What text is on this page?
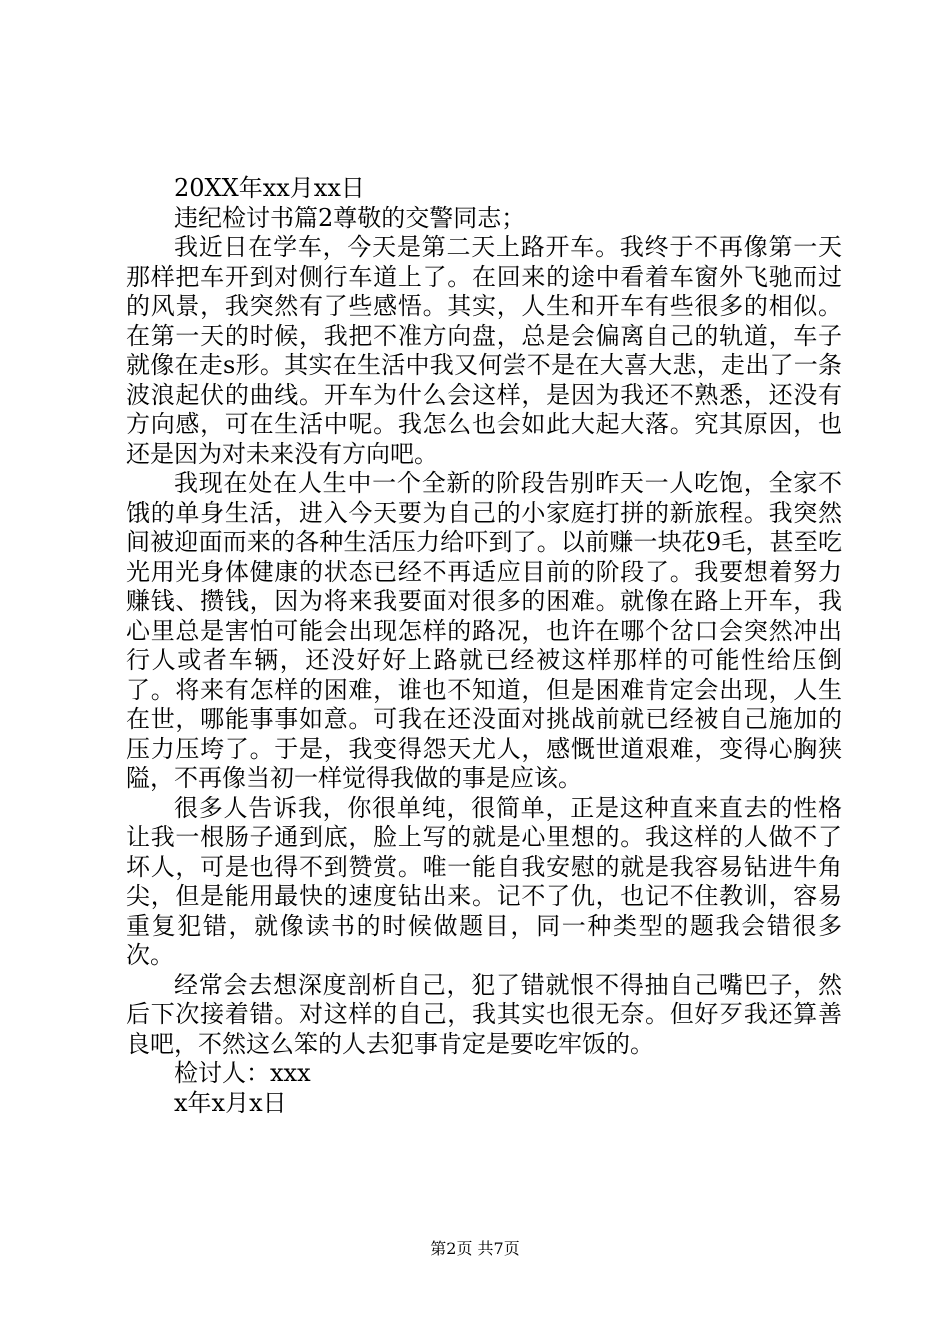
20XX年xx月xx日

违纪检讨书篇2尊敬的交警同志；

我近日在学车，今天是第二天上路开车。我终于不再像第一天那样把车开到对侧行车道上了。在回来的途中看着车窗外飞驰而过的风景，我突然有了些感悟。其实，人生和开车有些很多的相似。在第一天的时候，我把不准方向盘，总是会偏离自己的轨道，车子就像在走s形。其实在生活中我又何尝不是在大喜大悲，走出了一条波浪起伏的曲线。开车为什么会这样，是因为我还不熟悉，还没有方向感，可在生活中呢。我怎么也会如此大起大落。究其原因，也还是因为对未来没有方向吧。

我现在处在人生中一个全新的阶段告别昨天一人吃饱，全家不饿的单身生活，进入今天要为自己的小家庭打拼的新旅程。我突然间被迎面而来的各种生活压力给吓到了。以前赚一块花9毛，甚至吃光用光身体健康的状态已经不再适应目前的阶段了。我要想着努力赚钱、攒钱，因为将来我要面对很多的困难。就像在路上开车，我心里总是害怕可能会出现怎样的路况，也许在哪个岔口会突然冲出行人或者车辆，还没好好上路就已经被这样那样的可能性给压倒了。将来有怎样的困难，谁也不知道，但是困难肯定会出现，人生在世，哪能事事如意。可我在还没面对挑战前就已经被自己施加的压力压垮了。于是，我变得怨天尤人，感慨世道艰难，变得心胸狭隘，不再像当初一样觉得我做的事是应该。

很多人告诉我，你很单纯，很简单，正是这种直来直去的性格让我一根肠子通到底，脸上写的就是心里想的。我这样的人做不了坏人，可是也得不到赞赏。唯一能自我安慰的就是我容易钻进牛角尖，但是能用最快的速度钻出来。记不了仇，也记不住教训，容易重复犯错，就像读书的时候做题目，同一种类型的题我会错很多次。

经常会去想深度剖析自己，犯了错就恨不得抽自己嘴巴子，然后下次接着错。对这样的自己，我其实也很无奈。但好歹我还算善良吧，不然这么笨的人去犯事肯定是要吃牢饭的。

检讨人：xxx

x年x月x日

第2页 共7页
